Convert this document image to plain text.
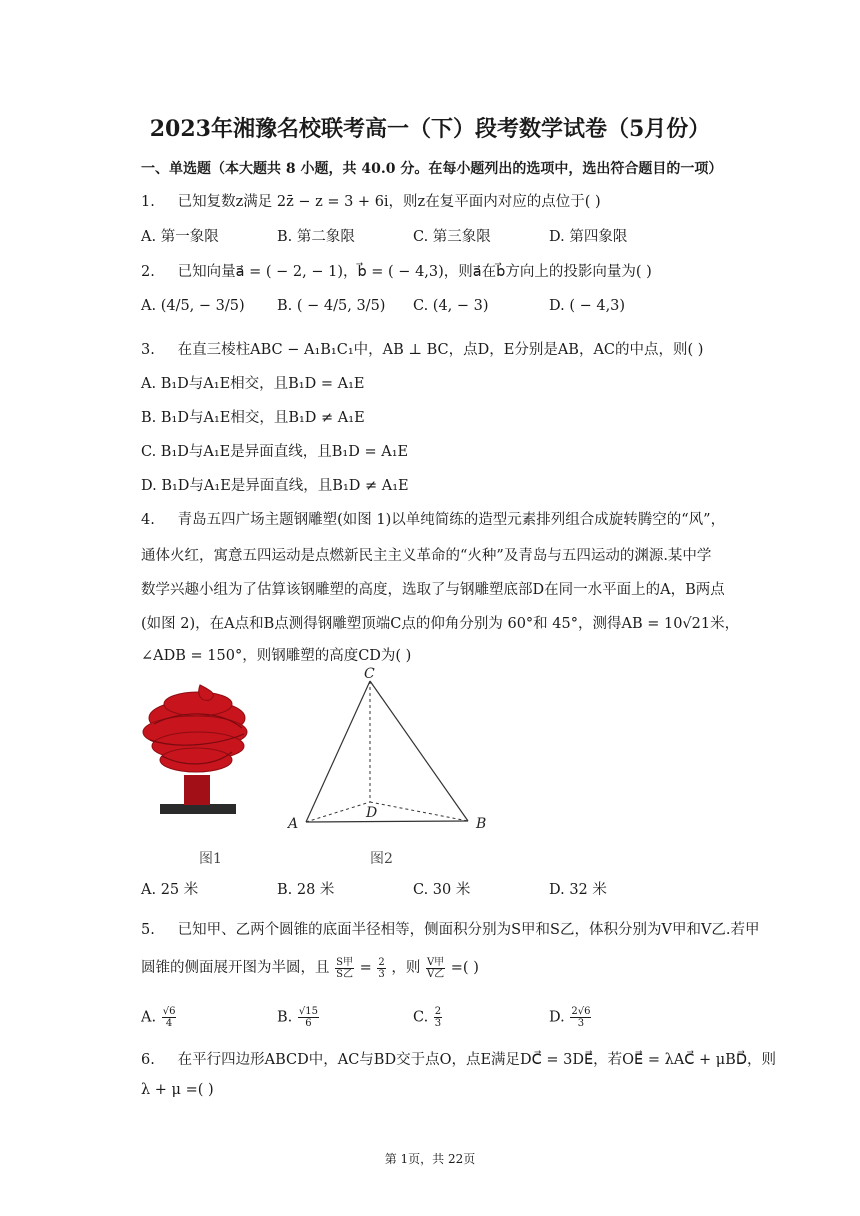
2023年湘豫名校联考高一（下）段考数学试卷（5月份）
一、单选题（本大题共 8 小题，共 40.0 分。在每小题列出的选项中，选出符合题目的一项）
1. 已知复数z满足 2z̄ − z = 3 + 6i，则z在复平面内对应的点位于( )
A. 第一象限	B. 第二象限	C. 第三象限	D. 第四象限
2. 已知向量a⃗ = ( − 2, − 1)，b⃗ = ( − 4,3)，则a⃗在b⃗方向上的投影向量为( )
A. (4/5, − 3/5) B. ( − 4/5, 3/5) C. (4, − 3)	D. ( − 4,3)
3. 在直三棱柱ABC − A₁B₁C₁中，AB ⊥ BC，点D，E分别是AB，AC的中点，则( )
A. B₁D与A₁E相交，且B₁D = A₁E
B. B₁D与A₁E相交，且B₁D ≠ A₁E
C. B₁D与A₁E是异面直线，且B₁D = A₁E
D. B₁D与A₁E是异面直线，且B₁D ≠ A₁E
4. 青岛五四广场主题钢雕塑(如图 1)以单纯简练的造型元素排列组合成旋转腾空的“风”，
通体火红，寓意五四运动是点燃新民主主义革命的“火种”及青岛与五四运动的渊源.某中学
数学兴趣小组为了估算该钢雕塑的高度，选取了与钢雕塑底部D在同一水平面上的A，B两点
(如图 2)，在A点和B点测得钢雕塑顶端C点的仰角分别为 60°和 45°，测得AB = 10√21米，
∠ADB = 150°，则钢雕塑的高度CD为( )
图1
C
D
A	B
图2
A. 25 米	B. 28 米	C. 30 米	D. 32 米
5. 已知甲、乙两个圆锥的底面半径相等，侧面积分别为S甲和S乙，体积分别为V甲和V乙.若甲
圆锥的侧面展开图为半圆，且 $\frac{\text{S甲}}{\text{S乙}} = \frac{2}{3}$ ，则 $\frac{\text{V甲}}{\text{V乙}}$ =( )
A. $\frac{√6}{4}$	B. $\frac{√15}{6}$	C. $\frac{2}{3}$	D. $\frac{2√6}{3}$
6. 在平行四边形ABCD中，AC与BD交于点O，点E满足DC⃗ = 3DE⃗，若OE⃗ = λAC⃗ + μBD⃗，则
λ + μ =( )
第 1页，共 22页
